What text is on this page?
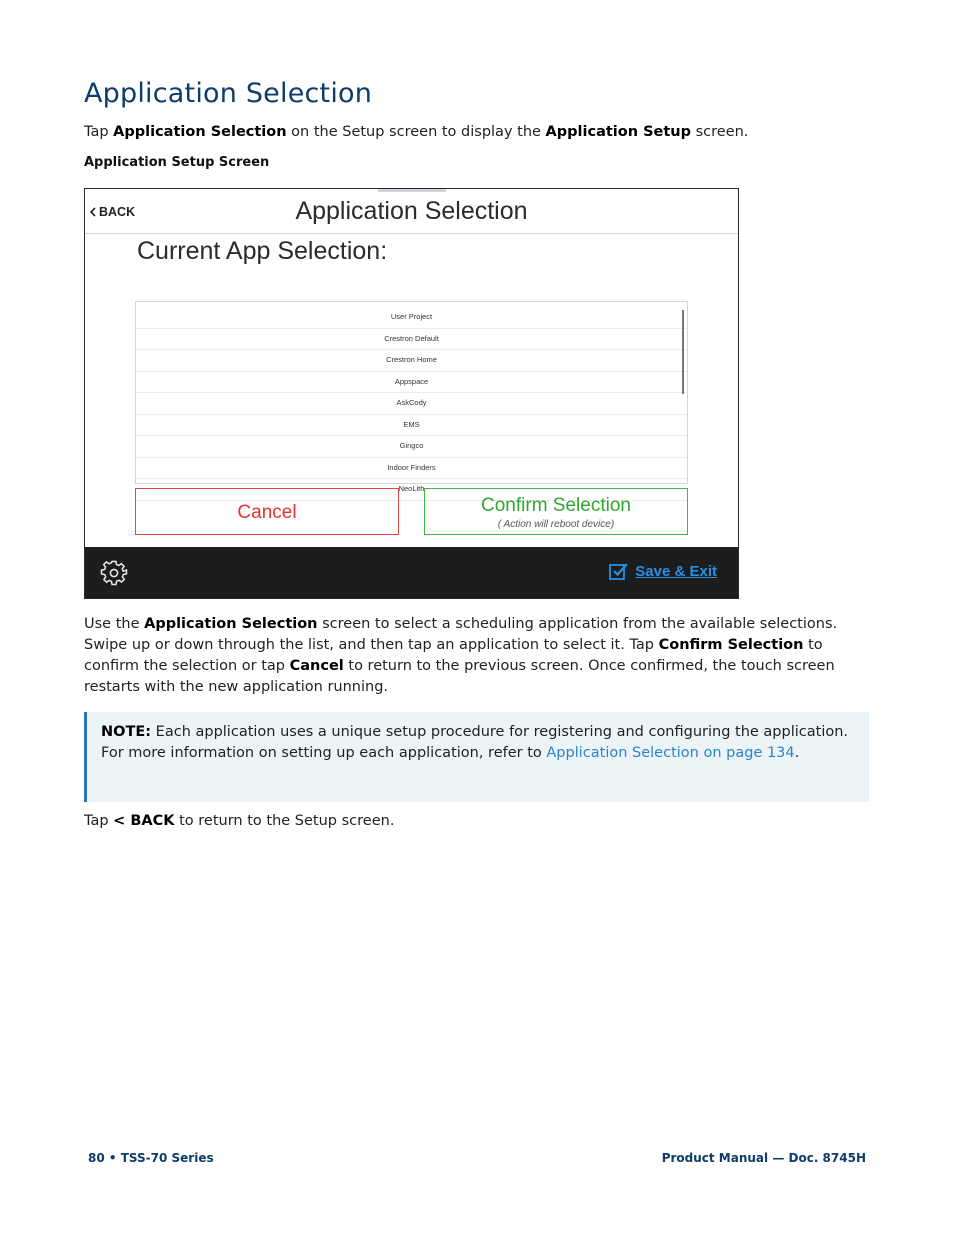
Application Selection

Tap Application Selection on the Setup screen to display the Application Setup screen.

Application Setup Screen

BACK	Application Selection
Current App Selection:
User Project
Crestron Default
Crestron Home
Appspace
AskCody
EMS
Gingco
Indoor Finders
NeoLith
Cancel	Confirm Selection
( Action will reboot device)
Save & Exit

Use the Application Selection screen to select a scheduling application from the available selections. Swipe up or down through the list, and then tap an application to select it. Tap Confirm Selection to confirm the selection or tap Cancel to return to the previous screen. Once confirmed, the touch screen restarts with the new application running.

NOTE: Each application uses a unique setup procedure for registering and configuring the application. For more information on setting up each application, refer to Application Selection on page 134.

Tap < BACK to return to the Setup screen.

80 • TSS-70 Series	Product Manual — Doc. 8745H
